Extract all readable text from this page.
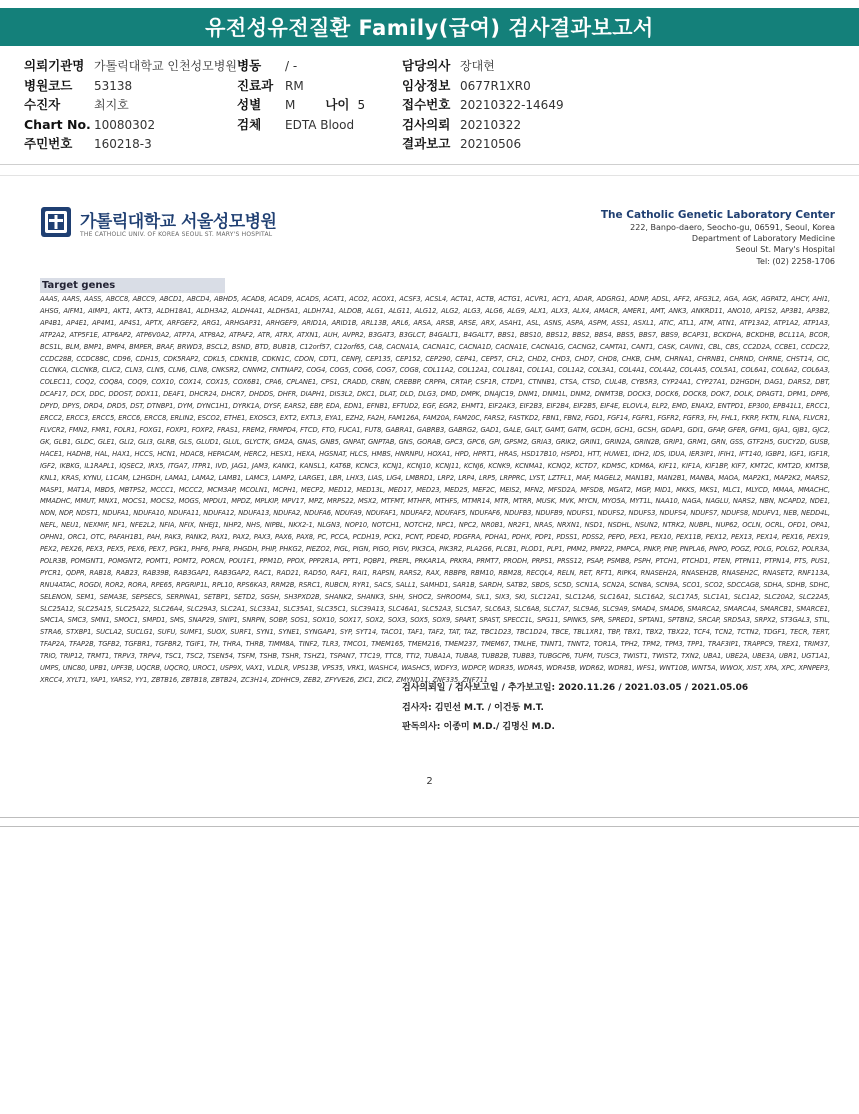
유전성유전질환 Family(급여) 검사결과보고서
의뢰기관명 가톨릭대학교 인천성모병원
병원코드 53138
수진자	최지호
Chart No. 10080302
주민번호 160218-3
병동 / -
진료과 RM
성별 M 나이 5
검체 EDTA Blood
담당의사 장대현
임상정보 0677R1XR0
접수번호 20210322-14649
검사의뢰 20210322
결과보고 20210506
가톨릭대학교 서울성모병원
THE CATHOLIC UNIV. OF KOREA SEOUL ST. MARY'S HOSPITAL
The Catholic Genetic Laboratory Center
222, Banpo-daero, Seocho-gu, 06591, Seoul, Korea
Department of Laboratory Medicine
Seoul St. Mary's Hospital
Tel: (02) 2258-1706
Target genes
AAAS, AARS, AASS, ABCC8, ABCC9, ABCD1, ABCD4, ABHD5, ACAD8, ACAD9, ACADS, ACAT1, ACO2, ACOX1, ACSF3, ACSL4, ACTA1, ACTB, ACTG1, ACVR1, ACY1, ADAR, ADGRG1, ADNP, ADSL, AFF2, AFG3L2, AGA, AGK, AGPAT2, AHCY, AHI1, AHSG, AIFM1, AIMP1, AKT1, AKT3, ALDH18A1, ALDH3A2, ALDH4A1, ALDH5A1, ALDH7A1, ALDOB, ALG1, ALG11, ALG12, ALG2, ALG3, ALG6, ALG9, ALX1, ALX3, ALX4, AMACR, AMER1, AMT, ANK3, ANKRD11, ANO10, AP1S2, AP3B1, AP3B2, AP4B1, AP4E1, AP4M1, AP4S1, APTX, ARFGEF2, ARG1, ARHGAP31, ARHGEF9, ARID1A, ARID1B, ARL13B, ARL6, ARSA, ARSB, ARSE, ARX, ASAH1, ASL, ASNS, ASPA, ASPM, ASS1, ASXL1, ATIC, ATL1, ATM, ATN1, ATP13A2, ATP1A2, ATP1A3, ATP2A2, ATP5F1E, ATP6AP2, ATP6V0A2, ATP7A, ATP8A2, ATPAF2, ATR, ATRX, ATXN1, AUH, AVPR2, B3GAT3, B3GLCT, B4GALT1, B4GALT7, BBS1, BBS10, BBS12, BBS2, BBS4, BBS5, BBS7, BBS9, BCAP31, BCKDHA, BCKDHB, BCL11A, BCOR, BCS1L, BLM, BMP1, BMP4, BMPER, BRAF, BRWD3, BSCL2, BSND, BTD, BUB1B, C12orf57, C12orf65, CA8, CACNA1A, CACNA1C, CACNA1D, CACNA1E, CACNA1G, CACNG2, CAMTA1, CANT1, CASK, CAVIN1, CBL, CBS, CC2D2A, CCBE1, CCDC22, CCDC28B, CCDC88C, CD96, CDH15, CDK5RAP2, CDKL5, CDKN1B, CDKN1C, CDON, CDT1, CENPJ, CEP135, CEP152, CEP290, CEP41, CEP57, CFL2, CHD2, CHD3, CHD7, CHD8, CHKB, CHM, CHRNA1, CHRNB1, CHRND, CHRNE, CHST14, CIC, CLCNKA, CLCNKB, CLIC2, CLN3, CLN5, CLN6, CLN8, CNKSR2, CNNM2, CNTNAP2, COG4, COG5, COG6, COG7, COG8, COL11A2, COL12A1, COL18A1, COL1A1, COL1A2, COL3A1, COL4A1, COL4A2, COL4A5, COL5A1, COL6A1, COL6A2, COL6A3, COLEC11, COQ2, COQ8A, COQ9, COX10, COX14, COX15, COX6B1, CPA6, CPLANE1, CPS1, CRADD, CRBN, CREBBP, CRPPA, CRTAP, CSF1R, CTDP1, CTNNB1, CTSA, CTSD, CUL4B, CYB5R3, CYP24A1, CYP27A1, D2HGDH, DAG1, DARS2, DBT, DCAF17, DCX, DDC, DDOST, DDX11, DEAF1, DHCR24, DHCR7, DHDDS, DHFR, DIAPH1, DIS3L2, DKC1, DLAT, DLD, DLG3, DMD, DMPK, DNAJC19, DNM1, DNM1L, DNM2, DNMT3B, DOCK3, DOCK6, DOCK8, DOK7, DOLK, DPAGT1, DPM1, DPP6, DPYD, DPYS, DRD4, DRD5, DST, DTNBP1, DYM, DYNC1H1, DYRK1A, DYSF, EARS2, EBP, EDA, EDN1, EFNB1, EFTUD2, EGF, EGR2, EHMT1, EIF2AK3, EIF2B3, EIF2B4, EIF2B5, EIF4E, ELOVL4, ELP2, EMD, ENAX2, ENTPD1, EP300, EPB41L1, ERCC1, ERCC2, ERCC3, ERCC5, ERCC6, ERCC8, ERLIN2, ESCO2, ETHE1, EXOSC3, EXT2, EXTL3, EYA1, EZH2, FA2H, FAM126A, FAM20A, FAM20C, FARS2, FASTKD2, FBN1, FBN2, FGD1, FGF14, FGFR1, FGFR2, FGFR3, FH, FHL1, FKRP, FKTN, FLNA, FLVCR1, FLVCR2, FMN2, FMR1, FOLR1, FOXG1, FOXP1, FOXP2, FRAS1, FREM2, FRMPD4, FTCD, FTO, FUCA1, FUT8, GABRA1, GABRB3, GABRG2, GAD1, GALE, GALT, GAMT, GATM, GCDH, GCH1, GCSH, GDAP1, GDI1, GFAP, GFER, GFM1, GJA1, GJB1, GJC2, GK, GLB1, GLDC, GLE1, GLI2, GLI3, GLRB, GLS, GLUD1, GLUL, GLYCTK, GM2A, GNAS, GNB5, GNPAT, GNPTAB, GNS, GORAB, GPC3, GPC6, GPI, GPSM2, GRIA3, GRIK2, GRIN1, GRIN2A, GRIN2B, GRIP1, GRM1, GRN, GSS, GTF2H5, GUCY2D, GUSB, HACE1, HADHB, HAL, HAX1, HCCS, HCN1, HDAC8, HEPACAM, HERC2, HESX1, HEXA, HGSNAT, HLCS, HMBS, HNRNPU, HOXA1, HPD, HPRT1, HRAS, HSD17B10, HSPD1, HTT, HUWE1, IDH2, IDS, IDUA, IER3IP1, IFIH1, IFT140, IGBP1, IGF1, IGF1R, IGF2, IKBKG, IL1RAPL1, IQSEC2, IRX5, ITGA7, ITPR1, IVD, JAG1, JAM3, KANK1, KANSL1, KAT6B, KCNC3, KCNJ1, KCNJ10, KCNJ11, KCNJ6, KCNK9, KCNMA1, KCNQ2, KCTD7, KDM5C, KDM6A, KIF11, KIF1A, KIF1BP, KIF7, KMT2C, KMT2D, KMT5B, KNL1, KRAS, KYNU, L1CAM, L2HGDH, LAMA1, LAMA2, LAMB1, LAMC3, LAMP2, LARGE1, LBR, LHX3, LIAS, LIG4, LMBRD1, LRP2, LRP4, LRP5, LRPPRC, LYST, LZTFL1, MAF, MAGEL2, MAN1B1, MAN2B1, MANBA, MAOA, MAP2K1, MAP2K2, MARS2, MASP1, MAT1A, MBD5, MBTPS2, MCCC1, MCCC2, MCM3AP, MCOLN1, MCPH1, MECP2, MED12, MED13L, MED17, MED23, MED25, MEF2C, MEIS2, MFN2, MFSD2A, MFSD8, MGAT2, MGP, MID1, MKKS, MKS1, MLC1, MLYCD, MMAA, MMACHC, MMADHC, MMUT, MNX1, MOCS1, MOCS2, MOGS, MPDU1, MPDZ, MPLKIP, MPV17, MPZ, MRPS22, MSX2, MTFMT, MTHFR, MTHFS, MTMR14, MTR, MTRR, MUSK, MVK, MYCN, MYO5A, MYT1L, NAA10, NAGA, NAGLU, NARS2, NBN, NCAPD2, NDE1, NDN, NDP, NDST1, NDUFA1, NDUFA10, NDUFA11, NDUFA12, NDUFA13, NDUFA2, NDUFA6, NDUFA9, NDUFAF1, NDUFAF2, NDUFAF5, NDUFAF6, NDUFB3, NDUFB9, NDUFS1, NDUFS2, NDUFS3, NDUFS4, NDUFS7, NDUFS8, NDUFV1, NEB, NEDD4L, NEFL, NEU1, NEXMIF, NF1, NFE2L2, NFIA, NFIX, NHEJ1, NHP2, NHS, NIPBL, NKX2-1, NLGN3, NOP10, NOTCH1, NOTCH2, NPC1, NPC2, NR0B1, NR2F1, NRAS, NRXN1, NSD1, NSDHL, NSUN2, NTRK2, NUBPL, NUP62, OCLN, OCRL, OFD1, OPA1, OPHN1, ORC1, OTC, PAFAH1B1, PAH, PAK3, PANK2, PAX1, PAX2, PAX3, PAX6, PAX8, PC, PCCA, PCDH19, PCK1, PCNT, PDE4D, PDGFRA, PDHA1, PDHX, PDP1, PDSS1, PDSS2, PEPD, PEX1, PEX10, PEX11B, PEX12, PEX13, PEX14, PEX16, PEX19, PEX2, PEX26, PEX3, PEX5, PEX6, PEX7, PGK1, PHF6, PHF8, PHGDH, PHIP, PHKG2, PIEZO2, PIGL, PIGN, PIGO, PIGV, PIK3CA, PIK3R2, PLA2G6, PLCB1, PLOD1, PLP1, PMM2, PMP22, PMPCA, PNKP, PNP, PNPLA6, PNPO, POGZ, POLG, POLG2, POLR3A, POLR3B, POMGNT1, POMGNT2, POMT1, POMT2, PORCN, POU1F1, PPM1D, PPOX, PPP2R1A, PPT1, PQBP1, PREPL, PRKAR1A, PRKRA, PRMT7, PRODH, PRPS1, PRSS12, PSAP, PSMB8, PSPH, PTCH1, PTCHD1, PTEN, PTPN11, PTPN14, PTS, PUS1, PYCR1, QDPR, RAB18, RAB23, RAB39B, RAB3GAP1, RAB3GAP2, RAC1, RAD21, RAD50, RAF1, RAI1, RAPSN, RARS2, RAX, RBBP8, RBM10, RBM28, RECQL4, RELN, RET, RFT1, RIPK4, RNASEH2A, RNASEH2B, RNASEH2C, RNASET2, RNF113A, RNU4ATAC, ROGDI, ROR2, RORA, RPE65, RPGRIP1L, RPL10, RPS6KA3, RRM2B, RSRC1, RUBCN, RYR1, SACS, SALL1, SAMHD1, SAR1B, SARDH, SATB2, SBDS, SC5D, SCN1A, SCN2A, SCN8A, SCN9A, SCO1, SCO2, SDCCAG8, SDHA, SDHB, SDHC, SELENON, SEM1, SEMA3E, SEPSECS, SERPINA1, SETBP1, SETD2, SGSH, SH3PXD2B, SHANK2, SHANK3, SHH, SHOC2, SHROOM4, SIL1, SIX3, SKI, SLC12A1, SLC12A6, SLC16A1, SLC16A2, SLC17A5, SLC1A1, SLC1A2, SLC20A2, SLC22A5, SLC25A12, SLC25A15, SLC25A22, SLC26A4, SLC29A3, SLC2A1, SLC33A1, SLC35A1, SLC35C1, SLC39A13, SLC46A1, SLC52A3, SLC5A7, SLC6A3, SLC6A8, SLC7A7, SLC9A6, SLC9A9, SMAD4, SMAD6, SMARCA2, SMARCA4, SMARCB1, SMARCE1, SMC1A, SMC3, SMN1, SMOC1, SMPD1, SMS, SNAP29, SNIP1, SNRPN, SOBP, SOS1, SOX10, SOX17, SOX2, SOX3, SOX5, SOX9, SPART, SPAST, SPECC1L, SPG11, SPINK5, SPR, SPRED1, SPTAN1, SPTBN2, SRCAP, SRD5A3, SRPX2, ST3GAL3, STIL, STRA6, STXBP1, SUCLA2, SUCLG1, SUFU, SUMF1, SUOX, SURF1, SYN1, SYNE1, SYNGAP1, SYP, SYT14, TACO1, TAF1, TAF2, TAT, TAZ, TBC1D23, TBC1D24, TBCE, TBL1XR1, TBP, TBX1, TBX2, TBX22, TCF4, TCN2, TCTN2, TDGF1, TECR, TERT, TFAP2A, TFAP2B, TGFB2, TGFBR1, TGFBR2, TGIF1, TH, THRA, THRB, TIMM8A, TINF2, TLR3, TMCO1, TMEM165, TMEM216, TMEM237, TMEM67, TMLHE, TNNT1, TNNT2, TOR1A, TPH2, TPM2, TPM3, TPP1, TRAF3IP1, TRAPPC9, TREX1, TRIM37, TRIO, TRIP12, TRMT1, TRPV3, TRPV4, TSC1, TSC2, TSEN54, TSFM, TSHB, TSHR, TSHZ1, TSPAN7, TTC19, TTC8, TTI2, TUBA1A, TUBA8, TUBB2B, TUBB3, TUBGCP6, TUFM, TUSC3, TWIST1, TWIST2, TXN2, UBA1, UBE2A, UBE3A, UBR1, UGT1A1, UMPS, UNC80, UPB1, UPF3B, UQCRB, UQCRQ, UROC1, USP9X, VAX1, VLDLR, VPS13B, VPS35, VRK1, WASHC4, WASHC5, WDFY3, WDPCP, WDR35, WDR45, WDR45B, WDR62, WDR81, WFS1, WNT10B, WNT5A, WWOX, XIST, XPA, XPC, XPNPEP3, XRCC4, XYLT1, YAP1, YARS2, YY1, ZBTB16, ZBTB18, ZBTB24, ZC3H14, ZDHHC9, ZEB2, ZFYVE26, ZIC1, ZIC2, ZMYND11, ZNF335, ZNF711
검사의뢰일 / 검사보고일 / 추가보고일: 2020.11.26 / 2021.03.05 / 2021.05.06
검사자: 김민선 M.T. / 이건동 M.T.
판독의사: 이종미 M.D./ 김명신 M.D.
2
